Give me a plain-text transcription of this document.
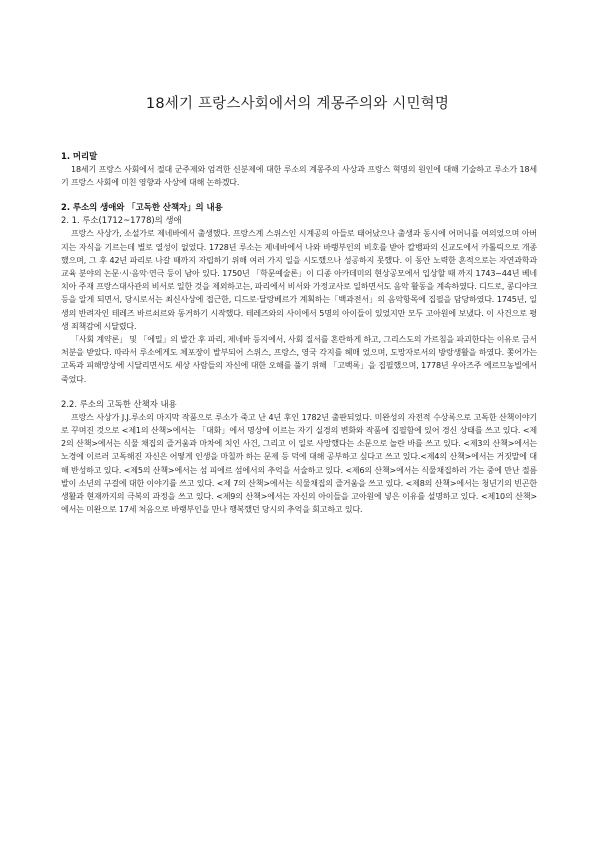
18세기 프랑스사회에서의 계몽주의와 시민혁명
1. 머리말

18세기 프랑스 사회에서 절대 군주제와 엄격한 신분제에 대한 루소의 계몽주의 사상과 프랑스 혁명의 원인에 대해 기술하고 루소가 18세기 프랑스 사회에 미친 영향과 사상에 대해 논하겠다.

2. 루소의 생애와 「고독한 산책자」의 내용
2. 1. 루소(1712~1778)의 생애

프랑스 사상가, 소설가로 제네바에서 출생했다. 프랑스계 스위스인 시계공의 아들로 태어났으나 출생과 동시에 어머니를 여의었으며 아버지는 자식을 기르는데 별로 열성이 없었다. 1728년 루소는 제네바에서 나와 바랭부인의 비호를 받아 칼뱅파의 신교도에서 카톨릭으로 개종했으며, 그 후 42년 파리로 나갈 때까지 자립하기 위해 여러 가지 일을 시도했으나 성공하지 못했다. 이 동안 노력한 흔적으로는 자연과학과 교육 분야의 논문·시·음악·연극 등이 남아 있다. 1750년 「학문예술론」이 디종 아카데미의 현상공모에서 입상할 때 까지 1743~44년 베네치아 주재 프랑스대사관의 비서로 일한 것을 제외하고는, 파리에서 비서와 가정교사로 일하면서도 음악 활동을 계속하였다. 디드로, 콩디야크 등을 알게 되면서, 당시로서는 최신사상에 접근한, 디드로·달랑베르가 계획하는「백과전서」의 음악항목에 집필을 담당하였다. 1745년, 일생의 반려자인 테레즈 바르쇠르와 동거하기 시작했다. 테레즈와의 사이에서 5명의 아이들이 있었지만 모두 고아원에 보냈다. 이 사건으로 평생 죄책감에 시달렸다.

「사회 계약론」 및 「에밀」의 발간 후 파리, 제네바 등지에서, 사회 질서를 혼란하게 하고, 그리스도의 가르침을 파괴한다는 이유로 금서처분을 받았다. 따라서 루소에게도 체포장이 발부되어 스위스, 프랑스, 영국 각지를 헤매 었으며, 도망자로서의 방랑생활을 하였다. 쫓어가는 고독과 피해망상에 시달리면서도 세상 사람들의 자신에 대한 오해를 풀기 위해 「고백록」을 집필했으며, 1778년 우아즈주 에르므농빌에서 죽었다.

2.2. 루소의 고독한 산책자 내용

프랑스 사상가 J.J.루소의 마지막 작품으로 루소가 죽고 난 4년 후인 1782년 출판되었다. 미완성의 자전적 수상록으로 고독한 산책이야기로 꾸며진 것으로 <제1의 산책>에서는 「대화」에서 명상에 이르는 자기 실경의 변화와 작품에 집필함에 있어 경신 상태를 쓰고 있다. <제2의 산책>에서는 식물 채집의 즐거움과 마차에 치인 사건, 그리고 이 일로 사망했다는 소문으로 놀란 바를 쓰고 있다. <제3의 산책>에서는 노경에 이르러 고독해진 자신은 어떻게 인생을 마칠까 하는 문제 등 덕에 대해 공부하고 싶다고 쓰고 있다.<제4의 산책>에서는 거짓말에 대해 반성하고 있다. <제5의 산책>에서는 섬 피에르 섬에서의 추억을 서술하고 있다. <제6의 산책>에서는 식물채집하러 가는 중에 만난 절름발이 소년의 구걸에 대한 이야기를 쓰고 있다. <제 7의 산책>에서는 식물채집의 즐거움을 쓰고 있다. <제8의 산책>에서는 청년기의 빈곤한 생활과 현재까지의 극복의 과정을 쓰고 있다. <제9의 산책>에서는 자신의 아이들을 고아원에 넣은 이유를 설명하고 있다. <제10의 산책>에서는 미완으로 17세 처음으로 바랭부인을 만나 행복했던 당시의 추억을 회고하고 있다.
